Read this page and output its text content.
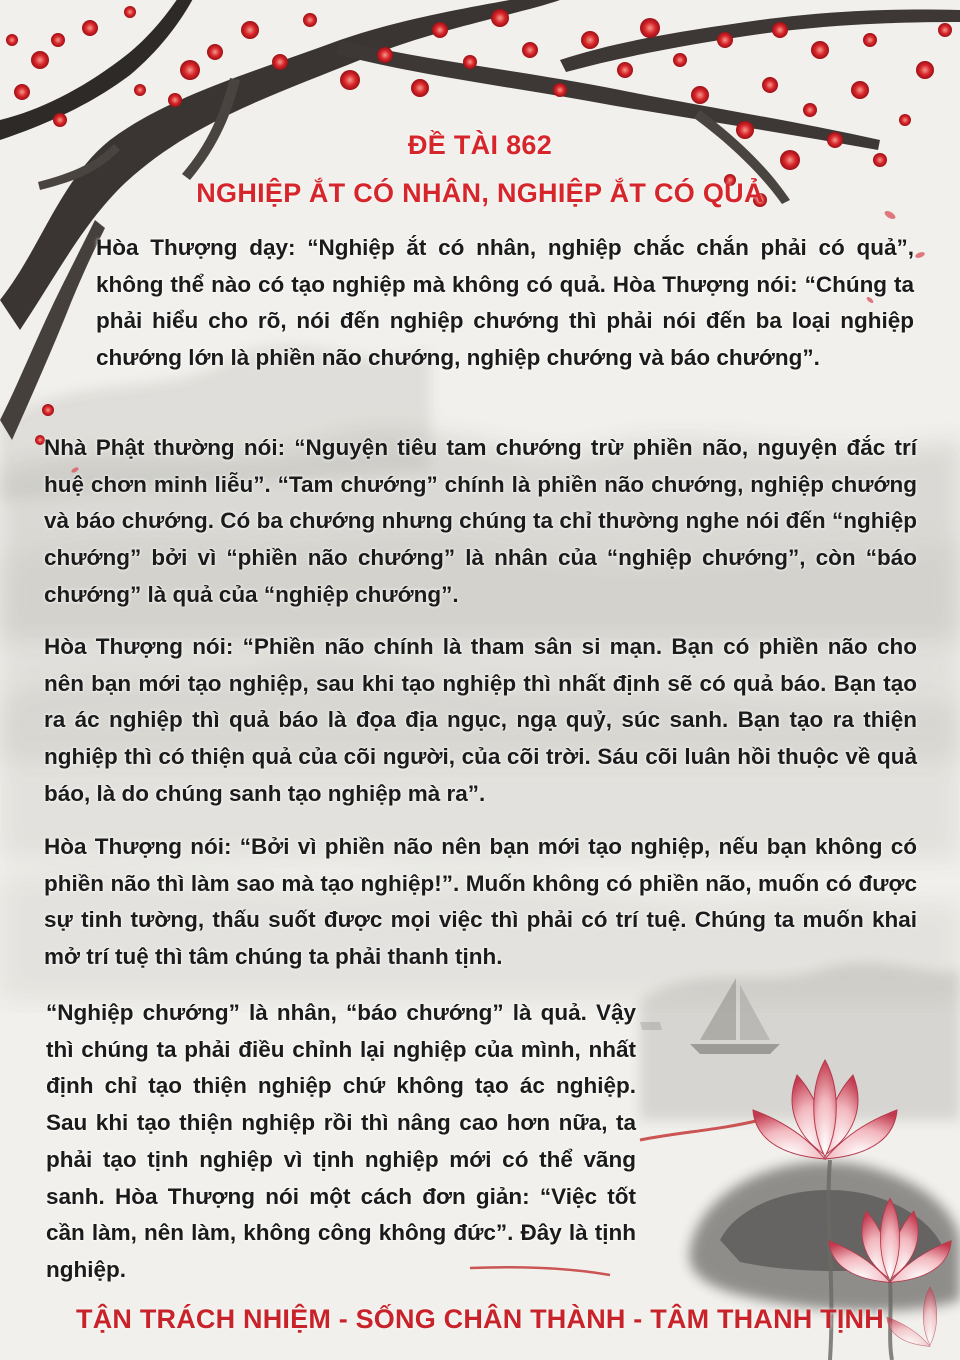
ĐỀ TÀI 862
NGHIỆP ẮT CÓ NHÂN, NGHIỆP ẮT CÓ QUẢ

Hòa Thượng dạy: “Nghiệp ắt có nhân, nghiệp chắc chắn phải có quả”, không thể nào có tạo nghiệp mà không có quả. Hòa Thượng nói: “Chúng ta phải hiểu cho rõ, nói đến nghiệp chướng thì phải nói đến ba loại nghiệp chướng lớn là phiền não chướng, nghiệp chướng và báo chướng”.

Nhà Phật thường nói: “Nguyện tiêu tam chướng trừ phiền não, nguyện đắc trí huệ chơn minh liễu”. “Tam chướng” chính là phiền não chướng, nghiệp chướng và báo chướng. Có ba chướng nhưng chúng ta chỉ thường nghe nói đến “nghiệp chướng” bởi vì “phiền não chướng” là nhân của “nghiệp chướng”, còn “báo chướng” là quả của “nghiệp chướng”.

Hòa Thượng nói: “Phiền não chính là tham sân si mạn. Bạn có phiền não cho nên bạn mới tạo nghiệp, sau khi tạo nghiệp thì nhất định sẽ có quả báo. Bạn tạo ra ác nghiệp thì quả báo là đọa địa ngục, ngạ quỷ, súc sanh. Bạn tạo ra thiện nghiệp thì có thiện quả của cõi người, của cõi trời. Sáu cõi luân hồi thuộc về quả báo, là do chúng sanh tạo nghiệp mà ra”.

Hòa Thượng nói: “Bởi vì phiền não nên bạn mới tạo nghiệp, nếu bạn không có phiền não thì làm sao mà tạo nghiệp!”. Muốn không có phiền não, muốn có được sự tinh tường, thấu suốt được mọi việc thì phải có trí tuệ. Chúng ta muốn khai mở trí tuệ thì tâm chúng ta phải thanh tịnh.

“Nghiệp chướng” là nhân, “báo chướng” là quả. Vậy thì chúng ta phải điều chỉnh lại nghiệp của mình, nhất định chỉ tạo thiện nghiệp chứ không tạo ác nghiệp. Sau khi tạo thiện nghiệp rồi thì nâng cao hơn nữa, ta phải tạo tịnh nghiệp vì tịnh nghiệp mới có thể vãng sanh. Hòa Thượng nói một cách đơn giản: “Việc tốt cần làm, nên làm, không công không đức”. Đây là tịnh nghiệp.

TẬN TRÁCH NHIỆM - SỐNG CHÂN THÀNH - TÂM THANH TỊNH
